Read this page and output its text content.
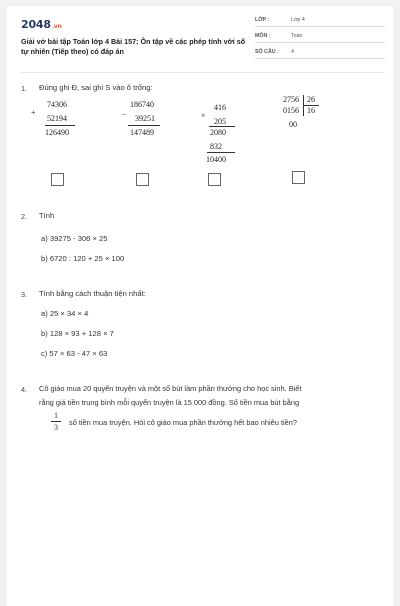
2048.vn
Giải vở bài tập Toán lớp 4 Bài 157: Ôn tập về các phép tính với số tự nhiên (Tiếp theo) có đáp án
LỚP :	Lớp 4
MÔN :	Toán
SỐ CÂU : 4
1. Đúng ghi Đ, sai ghi S vào ô trống:
+
74306
52194
126490
−
186740
39251
147489
×
416
205
2080
832
10400
2756
0156
00
26
16
2. Tính
a) 39275 - 306 × 25
b) 6720 : 120 + 25 × 100
3. Tính bằng cách thuận tiện nhất:
a) 25 × 34 × 4
b) 128 × 93 + 128 × 7
c) 57 × 63 - 47 × 63
4. Cô giáo mua 20 quyển truyện và một số bút làm phần thưởng cho học sinh. Biết
rằng giá tiền trung bình mỗi quyển truyện là 15 000 đồng. Số tiền mua bút bằng
1
3
số tiền mua truyện. Hỏi cô giáo mua phần thưởng hết bao nhiêu tiền?
